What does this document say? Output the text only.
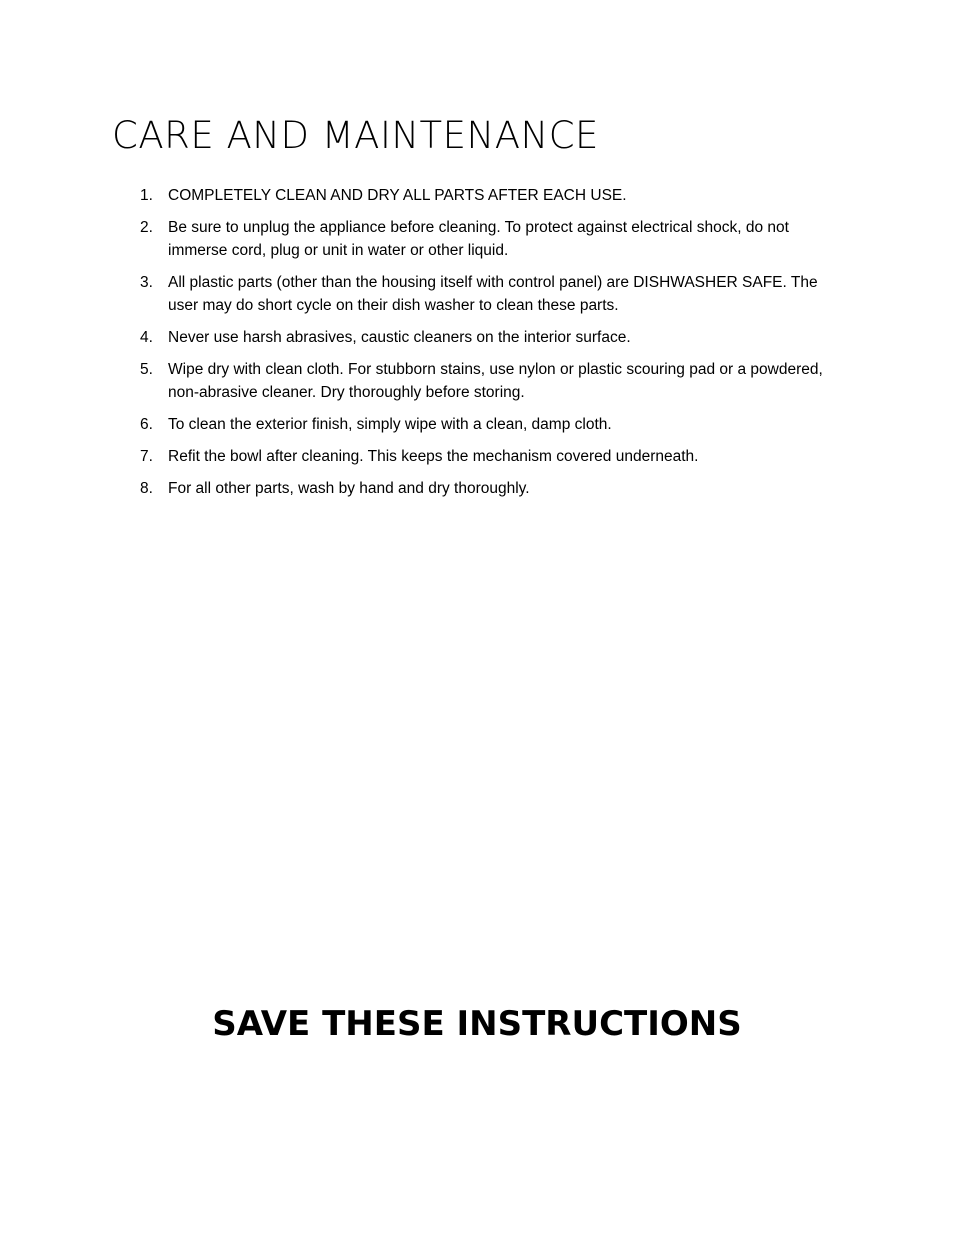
CARE AND MAINTENANCE
1. COMPLETELY CLEAN AND DRY ALL PARTS AFTER EACH USE.
2. Be sure to unplug the appliance before cleaning. To protect against electrical shock, do not immerse cord, plug or unit in water or other liquid.
3. All plastic parts (other than the housing itself with control panel) are DISHWASHER SAFE. The user may do short cycle on their dish washer to clean these parts.
4. Never use harsh abrasives, caustic cleaners on the interior surface.
5. Wipe dry with clean cloth. For stubborn stains, use nylon or plastic scouring pad or a powdered, non-abrasive cleaner. Dry thoroughly before storing.
6. To clean the exterior finish, simply wipe with a clean, damp cloth.
7. Refit the bowl after cleaning. This keeps the mechanism covered underneath.
8. For all other parts, wash by hand and dry thoroughly.
SAVE THESE INSTRUCTIONS
